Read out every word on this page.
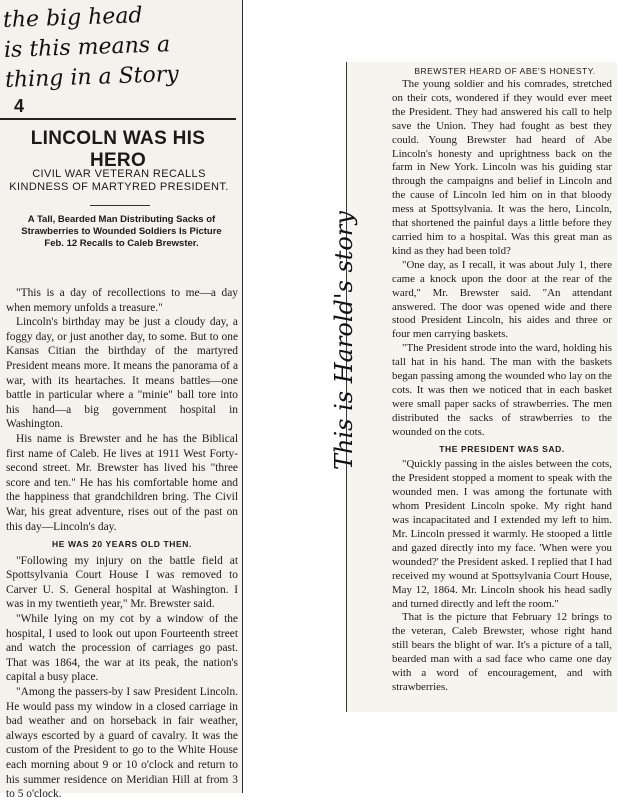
the big head
is this means a
thing in a Story
4
LINCOLN WAS HIS HERO
CIVIL WAR VETERAN RECALLS KINDNESS OF MARTYRED PRESIDENT.
A Tall, Bearded Man Distributing Sacks of Strawberries to Wounded Soldiers Is Picture Feb. 12 Recalls to Caleb Brewster.

"This is a day of recollections to me—a day when memory unfolds a treasure."

Lincoln's birthday may be just a cloudy day, a foggy day, or just another day, to some. But to one Kansas Citian the birthday of the martyred President means more. It means the panorama of a war, with its heartaches. It means battles—one battle in particular where a "minie" ball tore into his hand—a big government hospital in Washington.

His name is Brewster and he has the Biblical first name of Caleb. He lives at 1911 West Forty-second street. Mr. Brewster has lived his "three score and ten." He has his comfortable home and the happiness that grandchildren bring. The Civil War, his great adventure, rises out of the past on this day—Lincoln's day.

HE WAS 20 YEARS OLD THEN.

"Following my injury on the battle field at Spottsylvania Court House I was removed to Carver U. S. General hospital at Washington. I was in my twentieth year," Mr. Brewster said.

"While lying on my cot by a window of the hospital, I used to look out upon Fourteenth street and watch the procession of carriages go past. That was 1864, the war at its peak, the nation's capital a busy place.

"Among the passers-by I saw President Lincoln. He would pass my window in a closed carriage in bad weather and on horseback in fair weather, always escorted by a guard of cavalry. It was the custom of the President to go to the White House each morning about 9 or 10 o'clock and return to his summer residence on Meridian Hill at from 3 to 5 o'clock.

This is Harold's story
BREWSTER HEARD OF ABE'S HONESTY.

The young soldier and his comrades, stretched on their cots, wondered if they would ever meet the President. They had answered his call to help save the Union. They had fought as best they could. Young Brewster had heard of Abe Lincoln's honesty and uprightness back on the farm in New York. Lincoln was his guiding star through the campaigns and belief in Lincoln and the cause of Lincoln led him on in that bloody mess at Spottsylvania. It was the hero, Lincoln, that shortened the painful days a little before they carried him to a hospital. Was this great man as kind as they had been told?

"One day, as I recall, it was about July 1, there came a knock upon the door at the rear of the ward," Mr. Brewster said. "An attendant answered. The door was opened wide and there stood President Lincoln, his aides and three or four men carrying baskets.

"The President strode into the ward, holding his tall hat in his hand. The man with the baskets began passing among the wounded who lay on the cots. It was then we noticed that in each basket were small paper sacks of strawberries. The men distributed the sacks of strawberries to the wounded on the cots.

THE PRESIDENT WAS SAD.

"Quickly passing in the aisles between the cots, the President stopped a moment to speak with the wounded men. I was among the fortunate with whom President Lincoln spoke. My right hand was incapacitated and I extended my left to him. Mr. Lincoln pressed it warmly. He stooped a little and gazed directly into my face. 'When were you wounded?' the President asked. I replied that I had received my wound at Spottsylvania Court House, May 12, 1864. Mr. Lincoln shook his head sadly and turned directly and left the room."

That is the picture that February 12 brings to the veteran, Caleb Brewster, whose right hand still bears the blight of war. It's a picture of a tall, bearded man with a sad face who came one day with a word of encouragement, and with strawberries.
